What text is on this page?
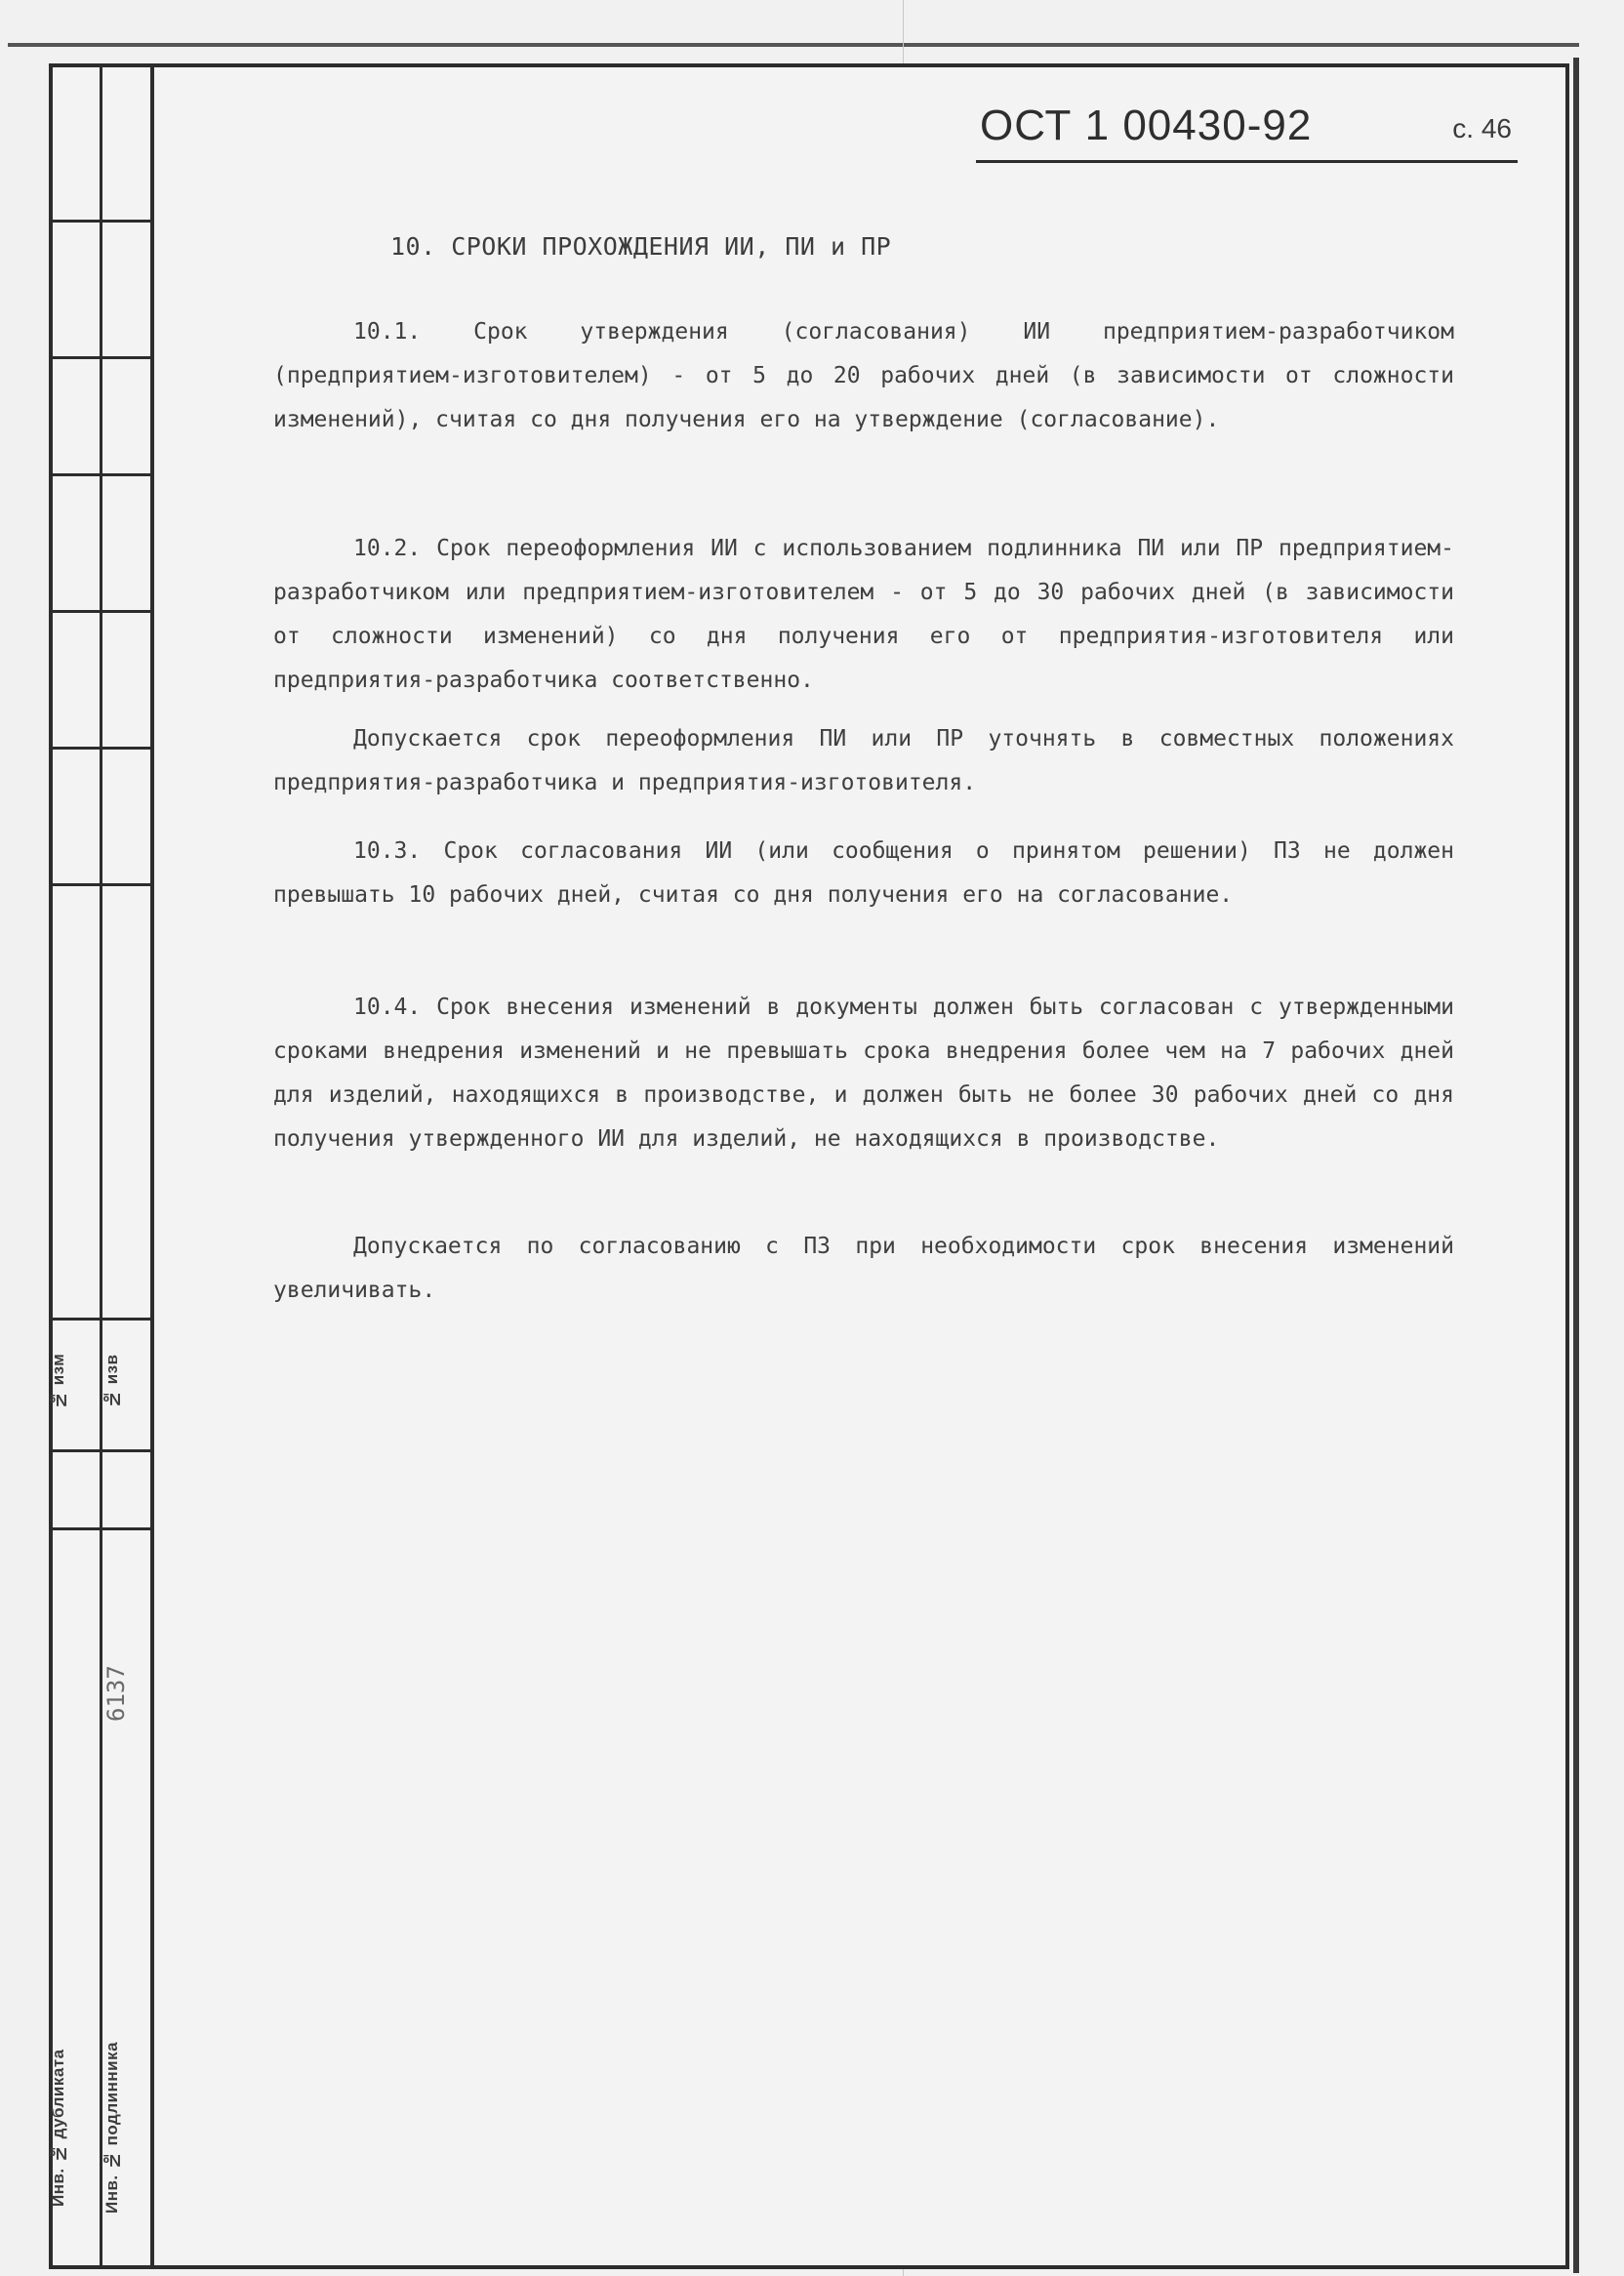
№ изм	№ изв
6137
Инв. № дубликата	Инв. № подлинника
ОСТ 1 00430-92	с. 46
10. СРОКИ ПРОХОЖДЕНИЯ ИИ, ПИ и ПР
10.1. Срок утверждения (согласования) ИИ предприятием-разработчиком (предприятием-изготовителем) - от 5 до 20 рабочих дней (в зависимости от сложности изменений), считая со дня получения его на утверждение (согласование).
10.2. Срок переоформления ИИ с использованием подлинника ПИ или ПР предприятием-разработчиком или предприятием-изготовителем - от 5 до 30 рабочих дней (в зависимости от сложности изменений) со дня получения его от предприятия-изготовителя или предприятия-разработчика соответственно.
Допускается срок переоформления ПИ или ПР уточнять в совместных положениях предприятия-разработчика и предприятия-изготовителя.
10.3. Срок согласования ИИ (или сообщения о принятом решении) ПЗ не должен превышать 10 рабочих дней, считая со дня получения его на согласование.
10.4. Срок внесения изменений в документы должен быть согласован с утвержденными сроками внедрения изменений и не превышать срока внедрения более чем на 7 рабочих дней для изделий, находящихся в производстве, и должен быть не более 30 рабочих дней со дня получения утвержденного ИИ для изделий, не находящихся в производстве.
Допускается по согласованию с ПЗ при необходимости срок внесения изменений увеличивать.
